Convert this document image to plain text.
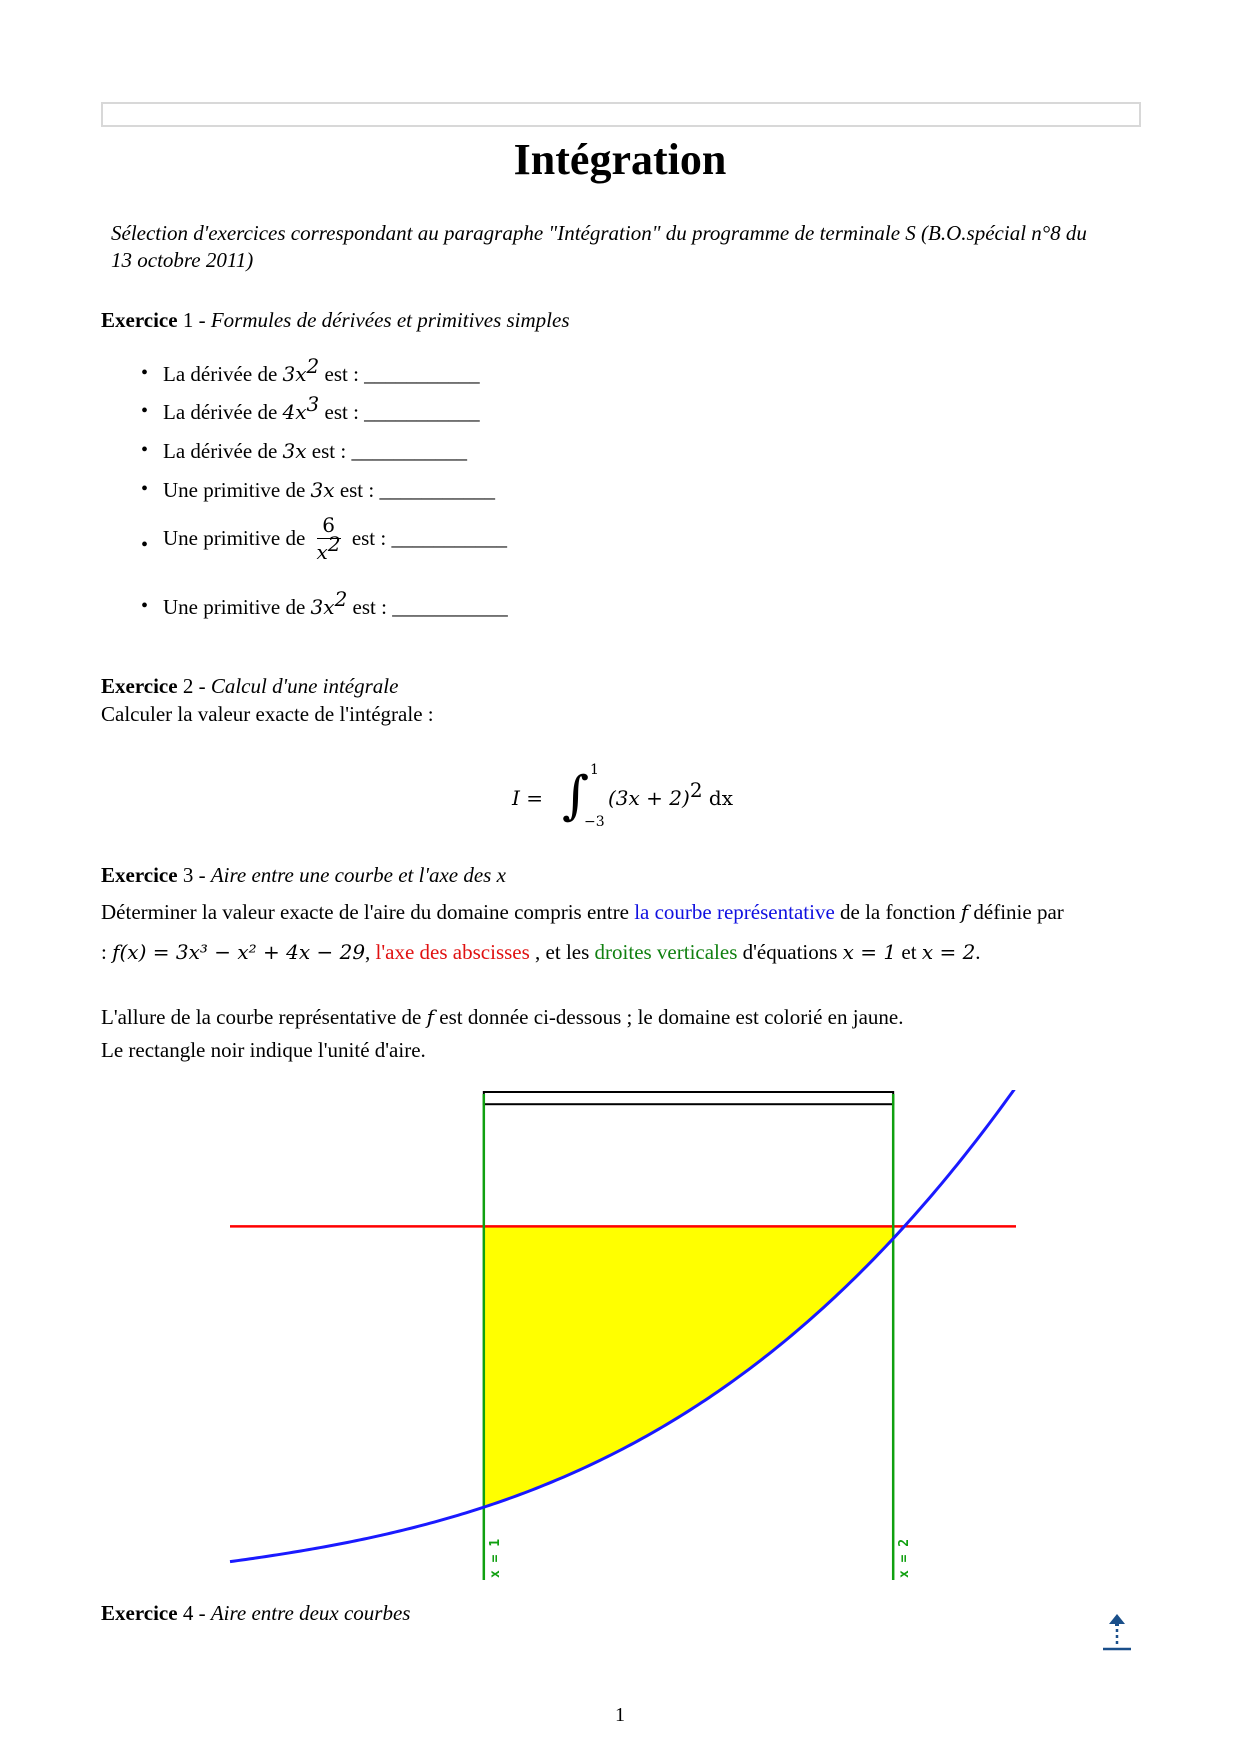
Intégration

Sélection d'exercices correspondant au paragraphe "Intégration" du programme de terminale S (B.O.spécial n°8 du 13 octobre 2011)

Exercice 1 - Formules de dérivées et primitives simples

• La dérivée de $3x^2$ est : ___________
• La dérivée de $4x^3$ est : ___________
• La dérivée de 3x est : ___________
• Une primitive de 3x est : ___________
• Une primitive de $\frac{6}{x^2}$ est : ___________
• Une primitive de $3x^2$ est : ___________

Exercice 2 - Calcul d'une intégrale

Calculer la valeur exacte de l'intégrale :

I = ∫ 1
−3
$(3x + 2)^2$ dx

Exercice 3 - Aire entre une courbe et l'axe des x

Déterminer la valeur exacte de l'aire du domaine compris entre la courbe représentative de la fonction f définie par

: f(x) = 3x³ − x² + 4x − 29, l'axe des abscisses , et les droites verticales d'équations x = 1 et x = 2.

L'allure de la courbe représentative de f est donnée ci-dessous ; le domaine est colorié en jaune.

Le rectangle noir indique l'unité d'aire.

x = 1	x = 2

Exercice 4 - Aire entre deux courbes

1
